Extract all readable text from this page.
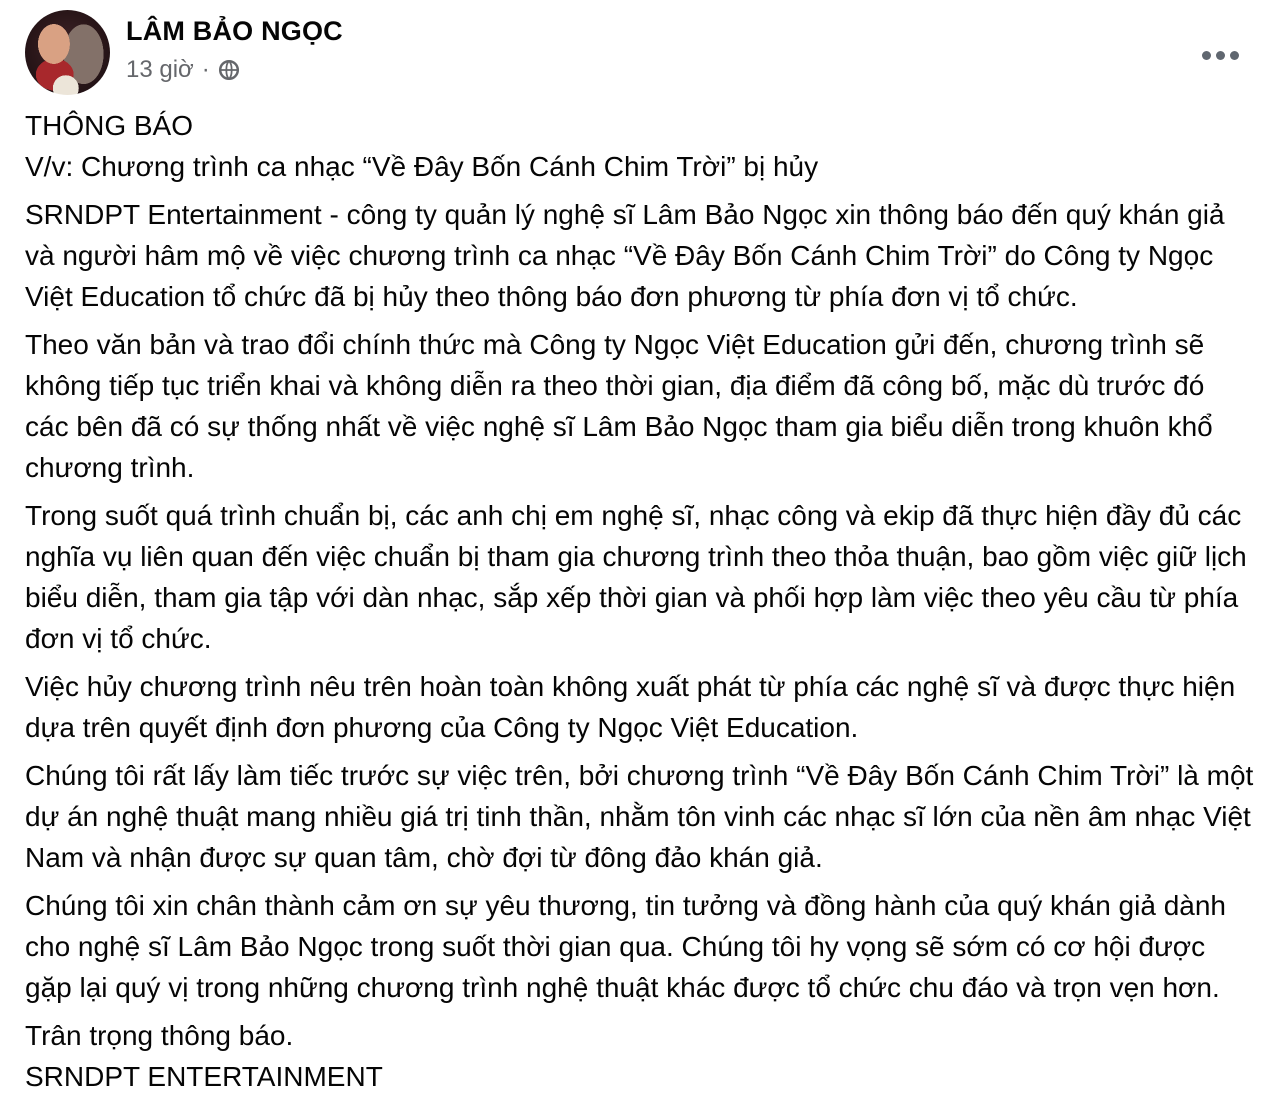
LÂM BẢO NGỌC
13 giờ ·

THÔNG BÁO
V/v: Chương trình ca nhạc “Về Đây Bốn Cánh Chim Trời” bị hủy

SRNDPT Entertainment - công ty quản lý nghệ sĩ Lâm Bảo Ngọc xin thông báo đến quý khán giả và người hâm mộ về việc chương trình ca nhạc “Về Đây Bốn Cánh Chim Trời” do Công ty Ngọc Việt Education tổ chức đã bị hủy theo thông báo đơn phương từ phía đơn vị tổ chức.

Theo văn bản và trao đổi chính thức mà Công ty Ngọc Việt Education gửi đến, chương trình sẽ không tiếp tục triển khai và không diễn ra theo thời gian, địa điểm đã công bố, mặc dù trước đó các bên đã có sự thống nhất về việc nghệ sĩ Lâm Bảo Ngọc tham gia biểu diễn trong khuôn khổ chương trình.

Trong suốt quá trình chuẩn bị, các anh chị em nghệ sĩ, nhạc công và ekip đã thực hiện đầy đủ các nghĩa vụ liên quan đến việc chuẩn bị tham gia chương trình theo thỏa thuận, bao gồm việc giữ lịch biểu diễn, tham gia tập với dàn nhạc, sắp xếp thời gian và phối hợp làm việc theo yêu cầu từ phía đơn vị tổ chức.

Việc hủy chương trình nêu trên hoàn toàn không xuất phát từ phía các nghệ sĩ và được thực hiện dựa trên quyết định đơn phương của Công ty Ngọc Việt Education.

Chúng tôi rất lấy làm tiếc trước sự việc trên, bởi chương trình “Về Đây Bốn Cánh Chim Trời” là một dự án nghệ thuật mang nhiều giá trị tinh thần, nhằm tôn vinh các nhạc sĩ lớn của nền âm nhạc Việt Nam và nhận được sự quan tâm, chờ đợi từ đông đảo khán giả.

Chúng tôi xin chân thành cảm ơn sự yêu thương, tin tưởng và đồng hành của quý khán giả dành cho nghệ sĩ Lâm Bảo Ngọc trong suốt thời gian qua. Chúng tôi hy vọng sẽ sớm có cơ hội được gặp lại quý vị trong những chương trình nghệ thuật khác được tổ chức chu đáo và trọn vẹn hơn.

Trân trọng thông báo.
SRNDPT ENTERTAINMENT
